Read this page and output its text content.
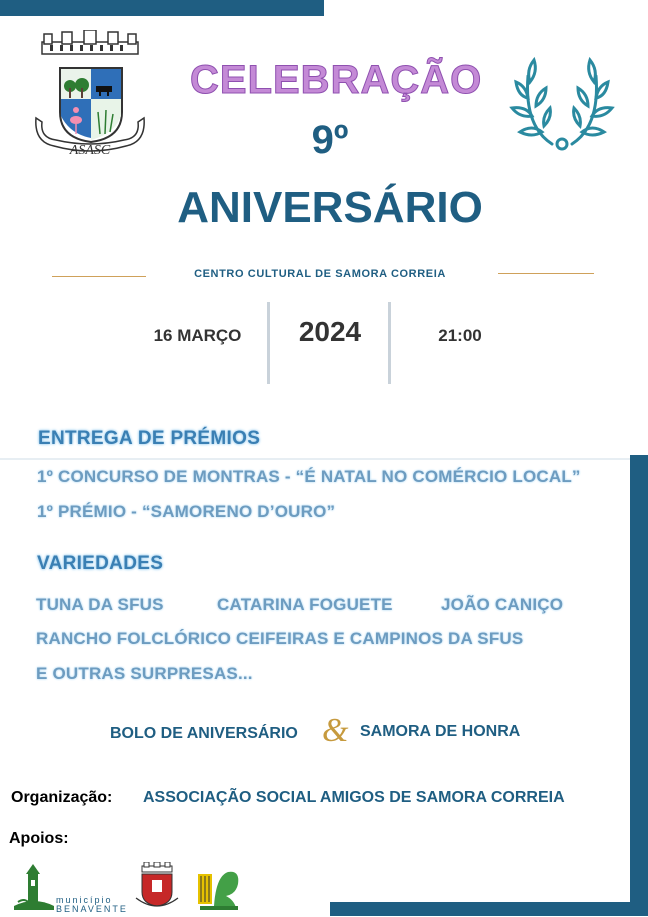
ASASC
CELEBRAÇÃO
9º
ANIVERSÁRIO
CENTRO CULTURAL DE SAMORA CORREIA
16 MARÇO	2024	21:00
ENTREGA DE PRÉMIOS
1º CONCURSO DE MONTRAS - “É NATAL NO COMÉRCIO LOCAL”
1º PRÉMIO - “SAMORENO D’OURO”
VARIEDADES
TUNA DA SFUS	CATARINA FOGUETE	JOÃO CANIÇO
RANCHO FOLCLÓRICO CEIFEIRAS E CAMPINOS DA SFUS
E OUTRAS SURPRESAS...
BOLO DE ANIVERSÁRIO & SAMORA DE HONRA
Organização: ASSOCIAÇÃO SOCIAL AMIGOS DE SAMORA CORREIA
Apoios:
município
BENAVENTE
